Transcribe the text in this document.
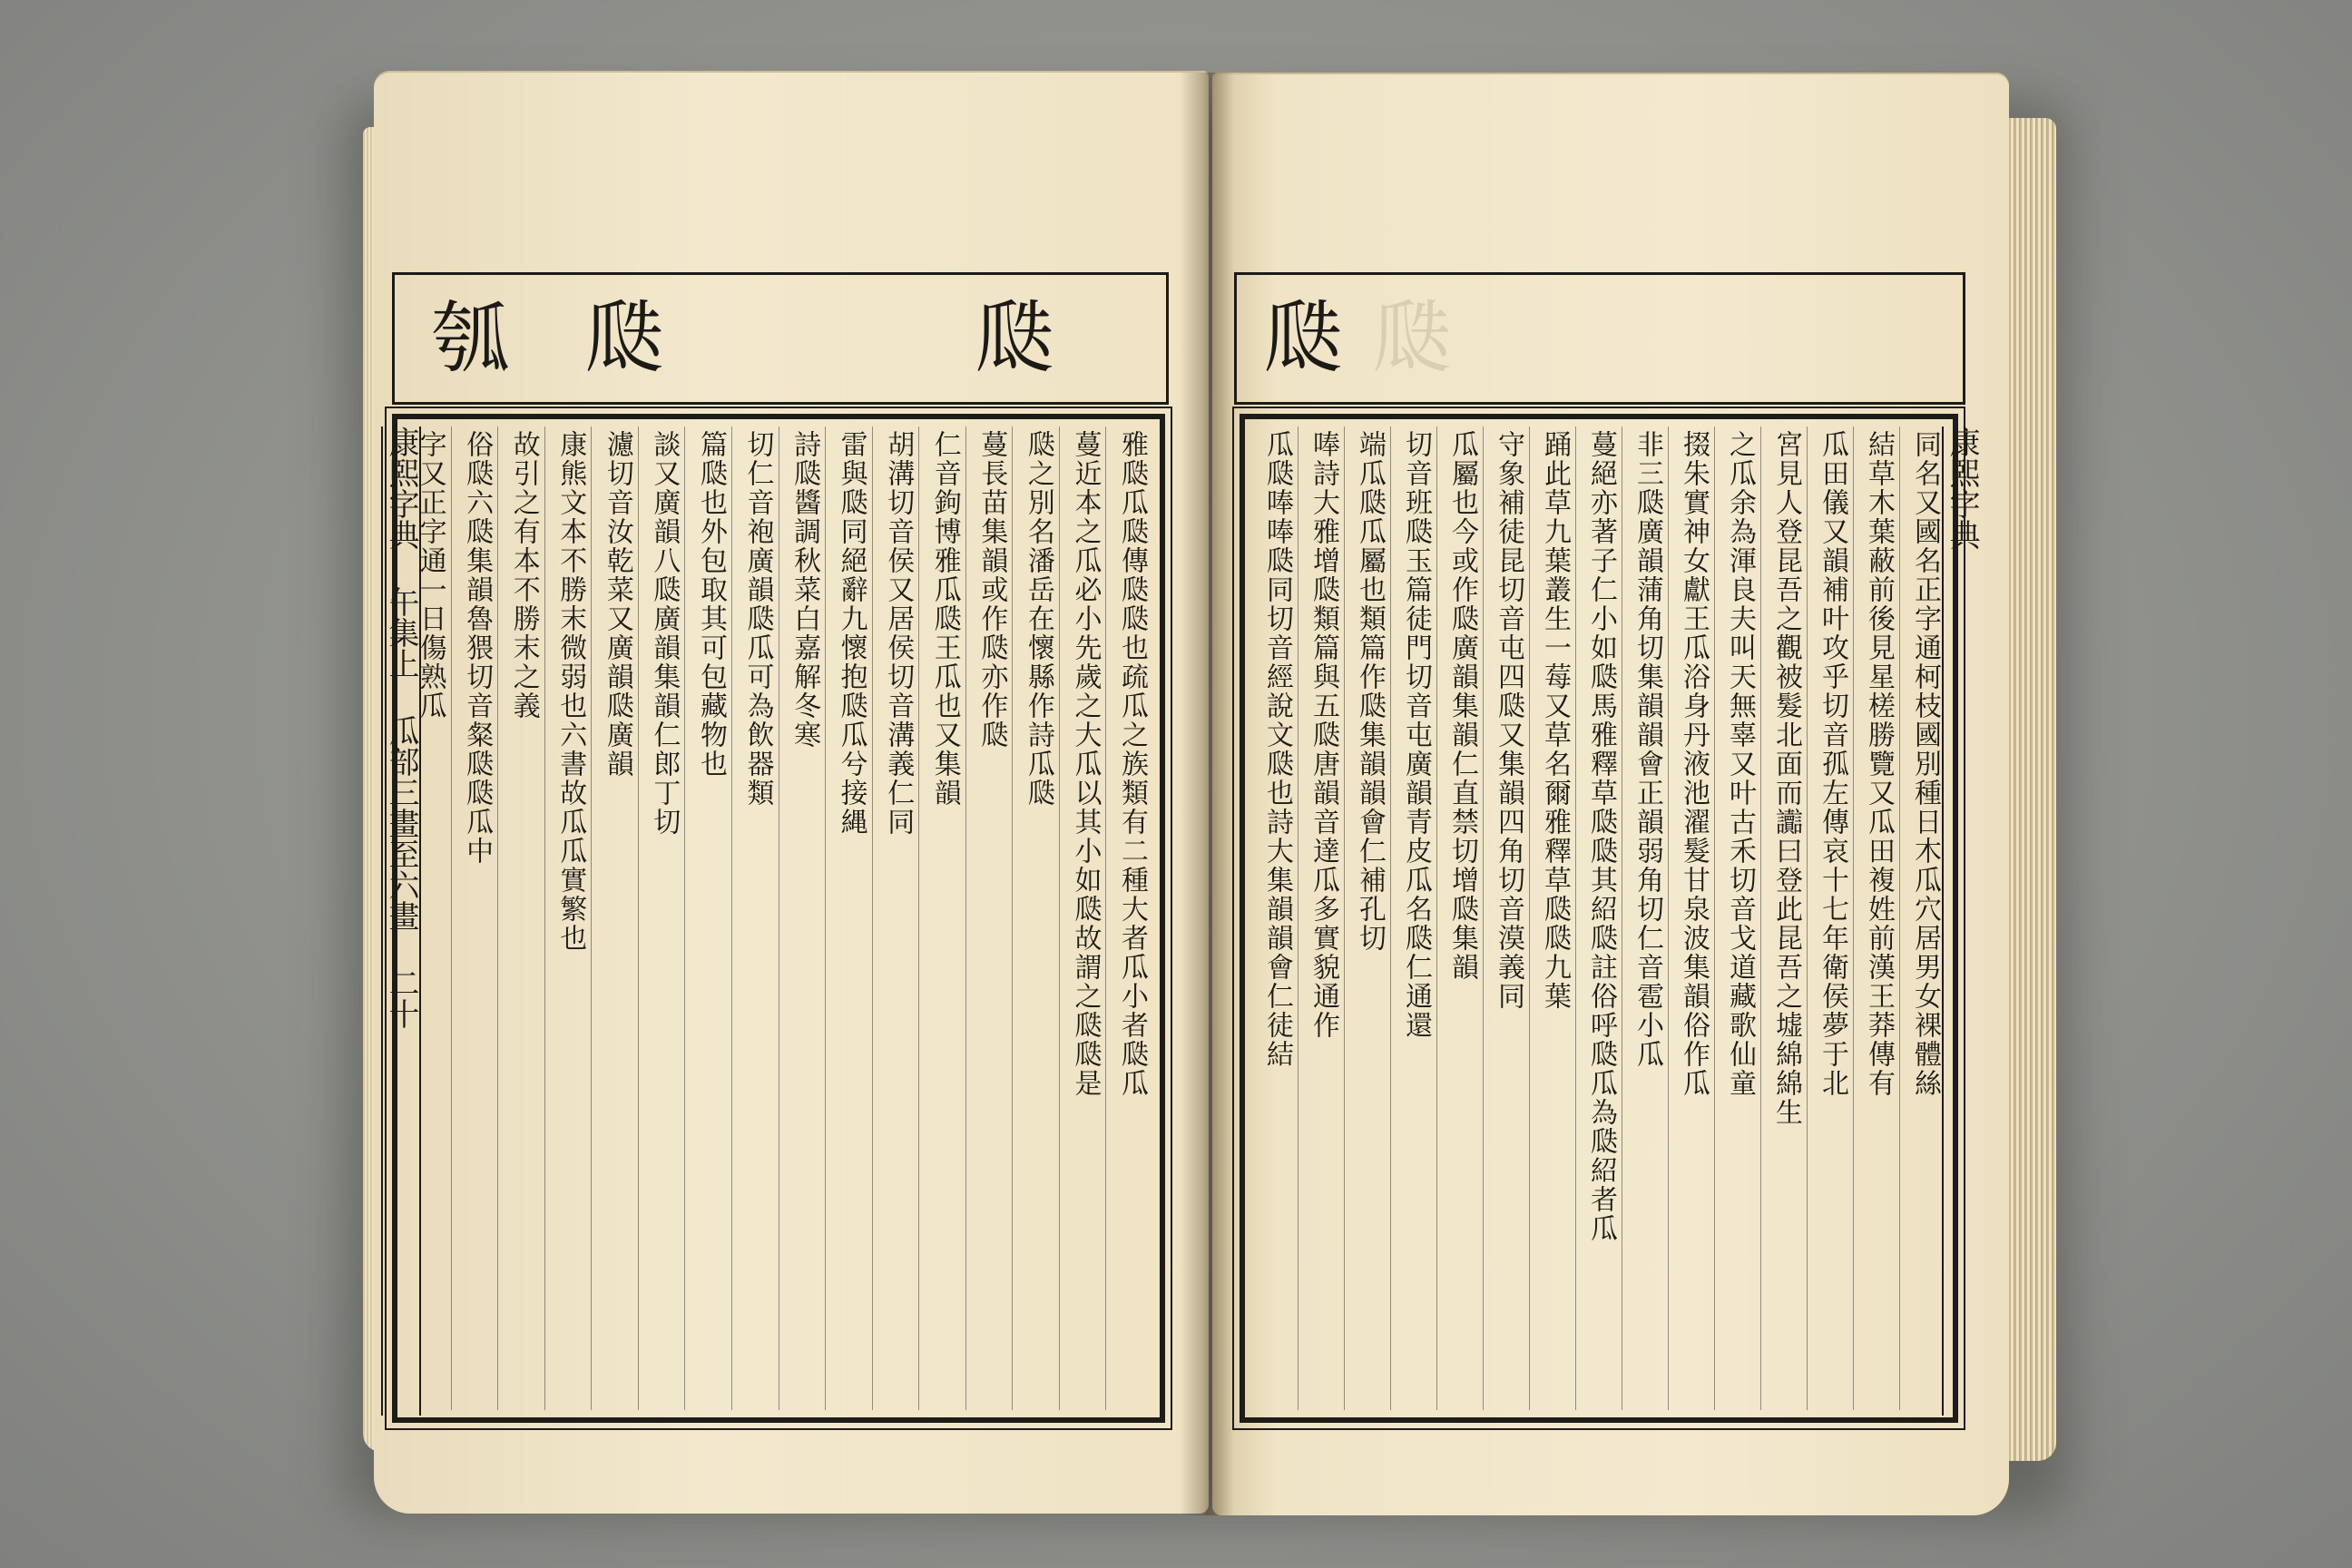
瓠 瓞	瓞	瓞 瓞
雅瓞瓜瓞傳瓞瓞也疏瓜之族類有二種大者瓜小者瓞瓜
蔓近本之瓜必小先歲之大瓜以其小如瓞故謂之瓞瓞是
瓞之別名潘岳在懷縣作詩瓜瓞
蔓長苗集韻或作瓞亦作瓞
仁音鉤博雅瓜瓞王瓜也又集韻
胡溝切音侯又居侯切音溝義仁同
雷與瓞同絕辭九懷抱瓞瓜兮接縄
詩瓞醬調秋菜白嘉解冬寒
切仁音袍廣韻瓞瓜可為飲器類
篇瓞也外包取其可包藏物也
談又廣韻八瓞廣韻集韻仁郎丁切
濾切音汝乾菜又廣韻瓞廣韻
康熊文本不勝末微弱也六書故瓜瓜實繁也
故引之有本不勝末之義
俗瓞六瓞集韻魯猥切音粲瓞瓞瓜中
字又正字通一日傷熟瓜	同名又國名正字通柯枝國別種日木瓜穴居男女裸體絲
結草木葉蔽前後見星槎勝覽又瓜田複姓前漢王莽傳有
瓜田儀又韻補叶攻乎切音孤左傳哀十七年衛侯夢于北
宮見人登昆吾之觀被髮北面而讟曰登此昆吾之墟綿綿生
之瓜余為渾良夫叫天無辜又叶古禾切音戈道藏歌仙童
掇朱實神女獻王瓜浴身丹液池濯髮甘泉波集韻俗作瓜
非三瓞廣韻蒲角切集韻韻會正韻弱角切仁音雹小瓜
蔓絕亦著子仁小如瓞馬雅釋草瓞瓞其紹瓞註俗呼瓞瓜為瓞紹者瓜
踊此草九葉叢生一莓又草名爾雅釋草瓞瓞九葉
守象補徒昆切音屯四瓞又集韻四角切音漠義同
瓜屬也今或作瓞廣韻集韻仁直禁切增瓞集韻
切音班瓞玉篇徒門切音屯廣韻青皮瓜名瓞仁通還
端瓜瓞瓜屬也類篇作瓞集韻韻會仁補孔切
唪詩大雅增瓞類篇與五瓞唐韻音達瓜多實貌通作
瓜瓞唪唪瓞同切音經說文瓞也詩大集韻韻會仁徒結
康熙字典 午集上 瓜部三畫至六畫 二十
康熙字典
